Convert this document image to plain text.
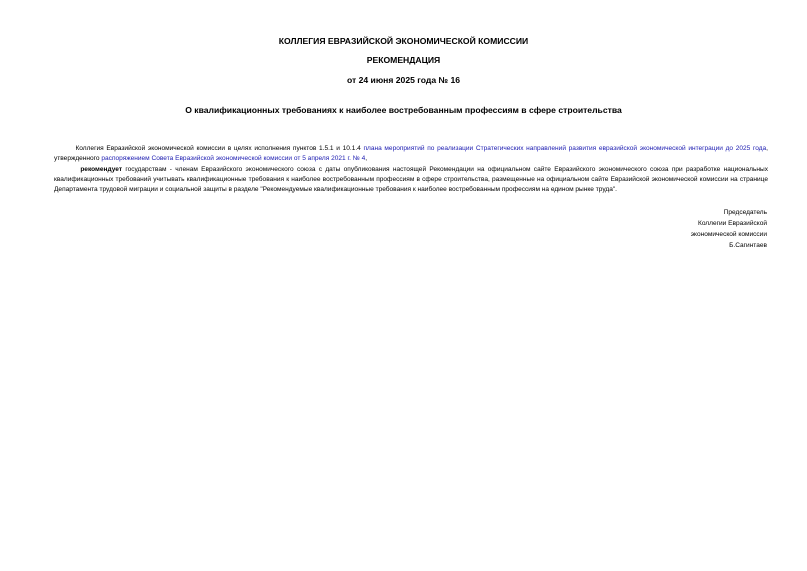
КОЛЛЕГИЯ ЕВРАЗИЙСКОЙ ЭКОНОМИЧЕСКОЙ КОМИССИИ
РЕКОМЕНДАЦИЯ
от 24 июня 2025 года № 16
О квалификационных требованиях к наиболее востребованным профессиям в сфере строительства
Коллегия Евразийской экономической комиссии в целях исполнения пунктов 1.5.1 и 10.1.4 плана мероприятий по реализации Стратегических направлений развития евразийской экономической интеграции до 2025 года, утвержденного распоряжением Совета Евразийской экономической комиссии от 5 апреля 2021 г. № 4,
рекомендует государствам - членам Евразийского экономического союза с даты опубликования настоящей Рекомендации на официальном сайте Евразийского экономического союза при разработке национальных квалификационных требований учитывать квалификационные требования к наиболее востребованным профессиям в сфере строительства, размещенные на официальном сайте Евразийской экономической комиссии на странице Департамента трудовой миграции и социальной защиты в разделе "Рекомендуемые квалификационные требования к наиболее востребованным профессиям на едином рынке труда".
Председатель
Коллегии Евразийской
экономической комиссии
Б.Сагинтаев
